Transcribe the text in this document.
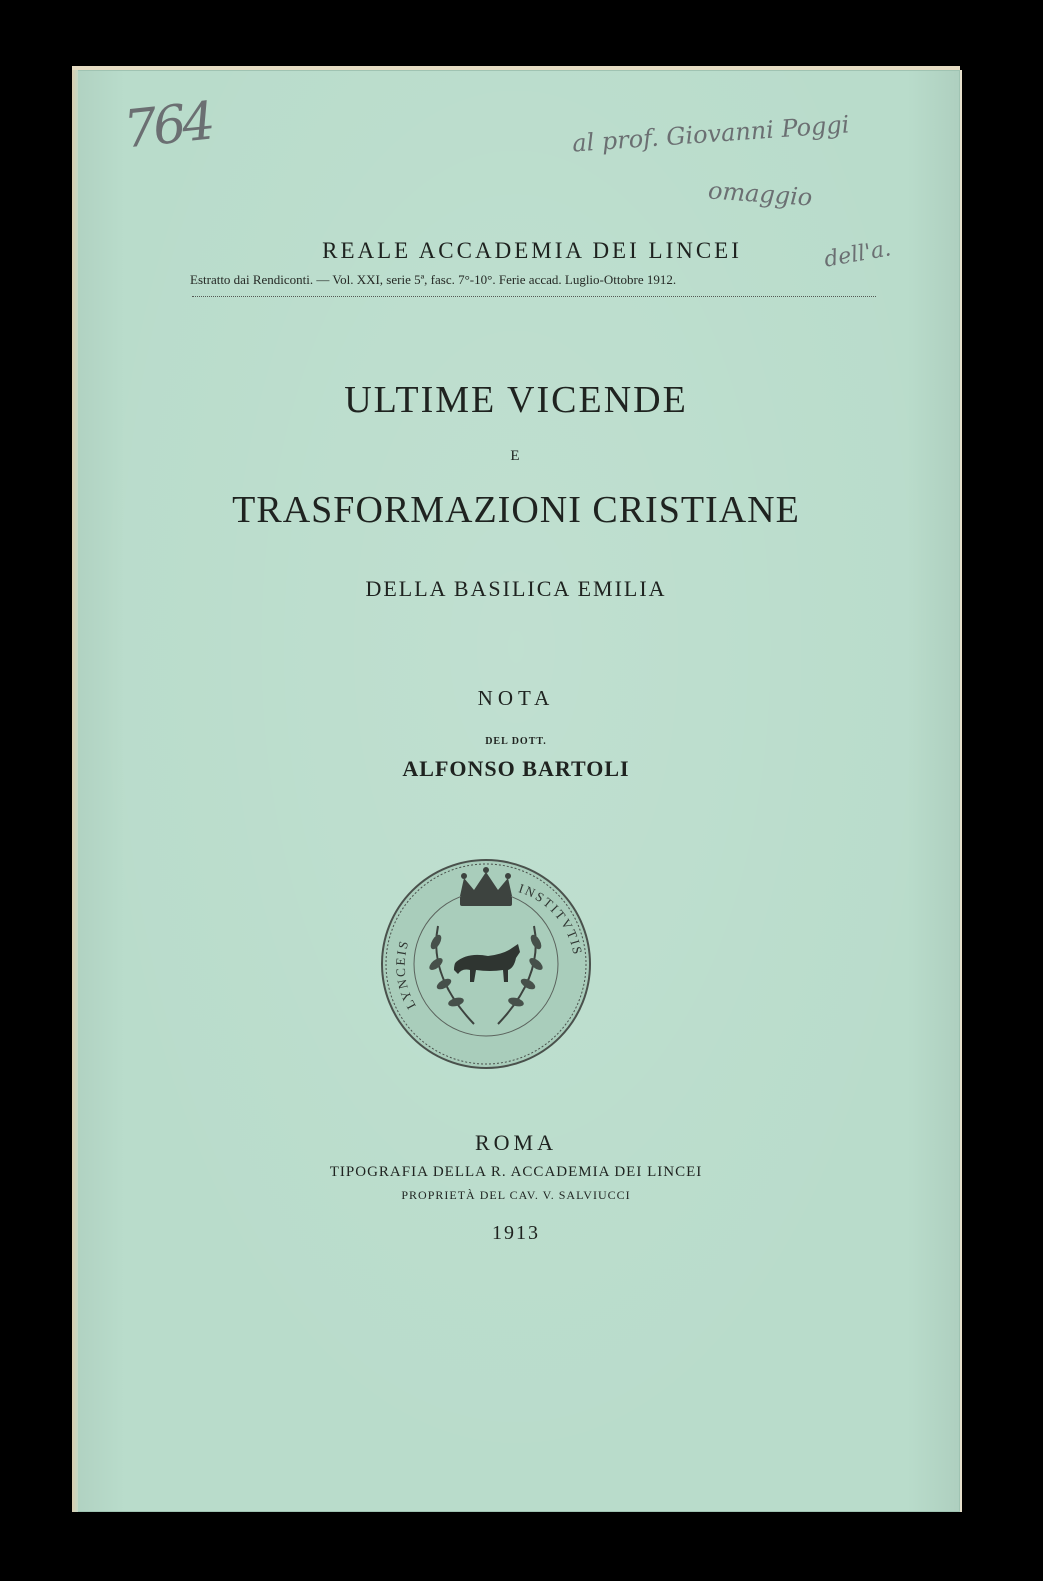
764	al prof. Giovanni Poggi
omaggio
dell'a.
REALE ACCADEMIA DEI LINCEI
Estratto dai Rendiconti. — Vol. XXI, serie 5ª, fasc. 7°-10°. Ferie accad. Luglio-Ottobre 1912.
ULTIME VICENDE
E
TRASFORMAZIONI CRISTIANE
DELLA BASILICA EMILIA
NOTA
DEL DOTT.
ALFONSO BARTOLI
LYNCEIS
INSTITVTIS
ROMA
TIPOGRAFIA DELLA R. ACCADEMIA DEI LINCEI
PROPRIETÀ DEL CAV. V. SALVIUCCI
1913
